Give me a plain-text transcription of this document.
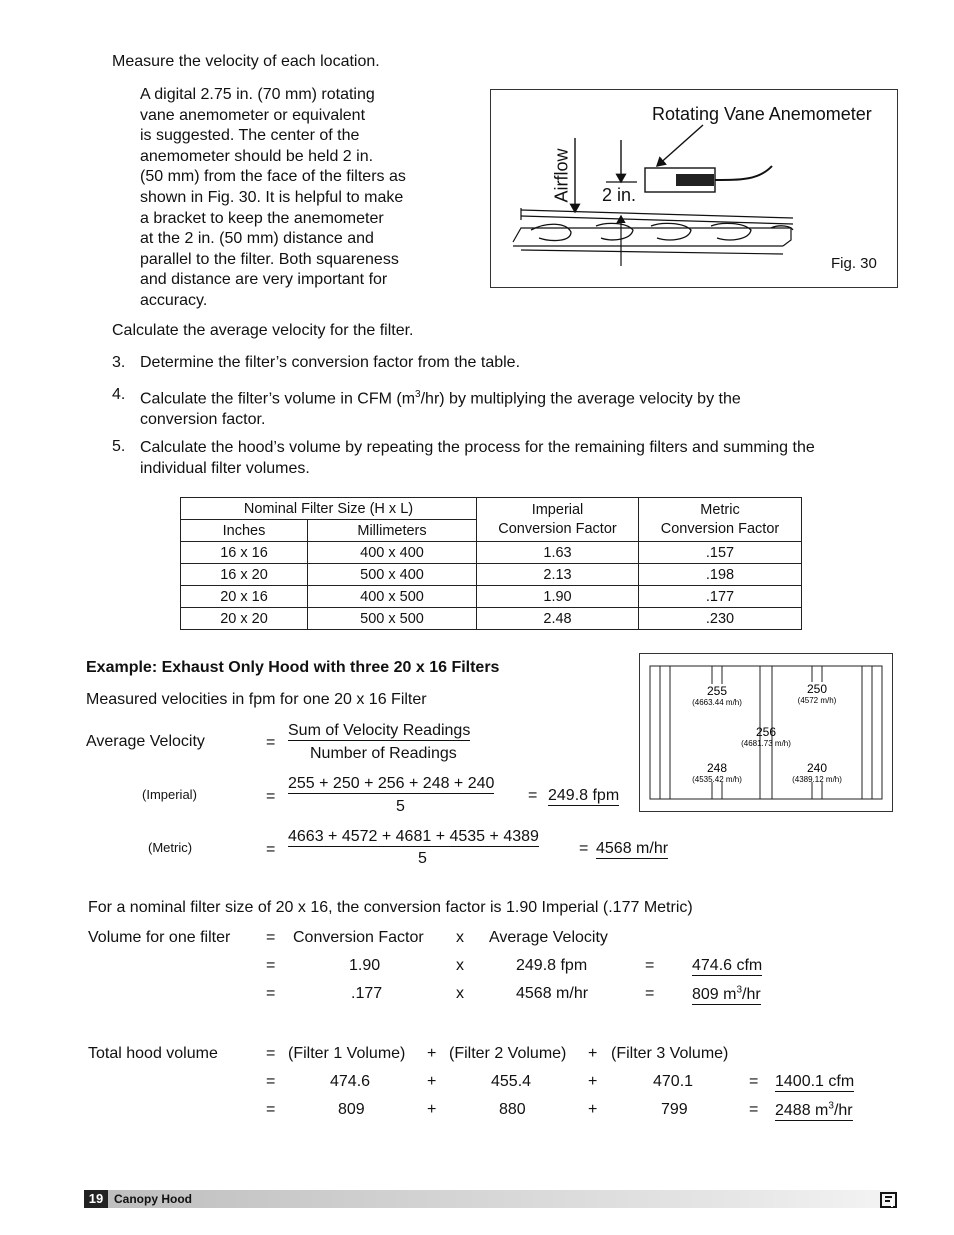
Measure the velocity of each location.
A digital 2.75 in. (70 mm) rotating
vane anemometer or equivalent
is suggested. The center of the
anemometer should be held 2 in.
(50 mm) from the face of the filters as
shown in Fig. 30. It is helpful to make
a bracket to keep the anemometer
at the 2 in. (50 mm) distance and
parallel to the filter. Both squareness
and distance are very important for
accuracy.
Calculate the average velocity for the filter.
Rotating Vane Anemometer
Airflow 2 in.
Fig. 30
3. Determine the filter’s conversion factor from the table.
4. Calculate the filter’s volume in CFM $(m^3/hr)$ by multiplying the average velocity by the
conversion factor.
5. Calculate the hood’s volume by repeating the process for the remaining filters and summing the
individual filter volumes.
Nominal Filter Size (H x L)		Imperial
Conversion Factor	Metric
Conversion Factor
Inches	Millimeters		
16 x 16	400 x 400	1.63	.157
16 x 20	500 x 400	2.13	.198
20 x 16	400 x 500	1.90	.177
20 x 20	500 x 500	2.48	.230
Example: Exhaust Only Hood with three 20 x 16 Filters
Measured velocities in fpm for one 20 x 16 Filter
Average Velocity	=
Sum of Velocity Readings
Number of Readings
(Imperial)	=
255 + 250 + 256 + 248 + 240
5
= 249.8 fpm
(Metric)	=
4663 + 4572 + 4681 + 4535 + 4389
5
= 4568 m/hr
255
(4663.44 m/h)
250
(4572 m/h)
256
(4681.73 m/h)
248
(4535.42 m/h)
240
(4389.12 m/h)
For a nominal filter size of 20 x 16, the conversion factor is 1.90 Imperial (.177 Metric)
Volume for one filter = Conversion Factor x Average Velocity
=	1.90	x	249.8 fpm	= 474.6 cfm
=	.177	x	4568 m/hr	= 809 $m^3/hr$
Total hood volume	= (Filter 1 Volume) + (Filter 2 Volume) + (Filter 3 Volume)
=	474.6	+	455.4	+	470.1	= 1400.1 cfm
=	809	+	880	+	799	= 2488 $m^3/hr$
19 Canopy Hood
